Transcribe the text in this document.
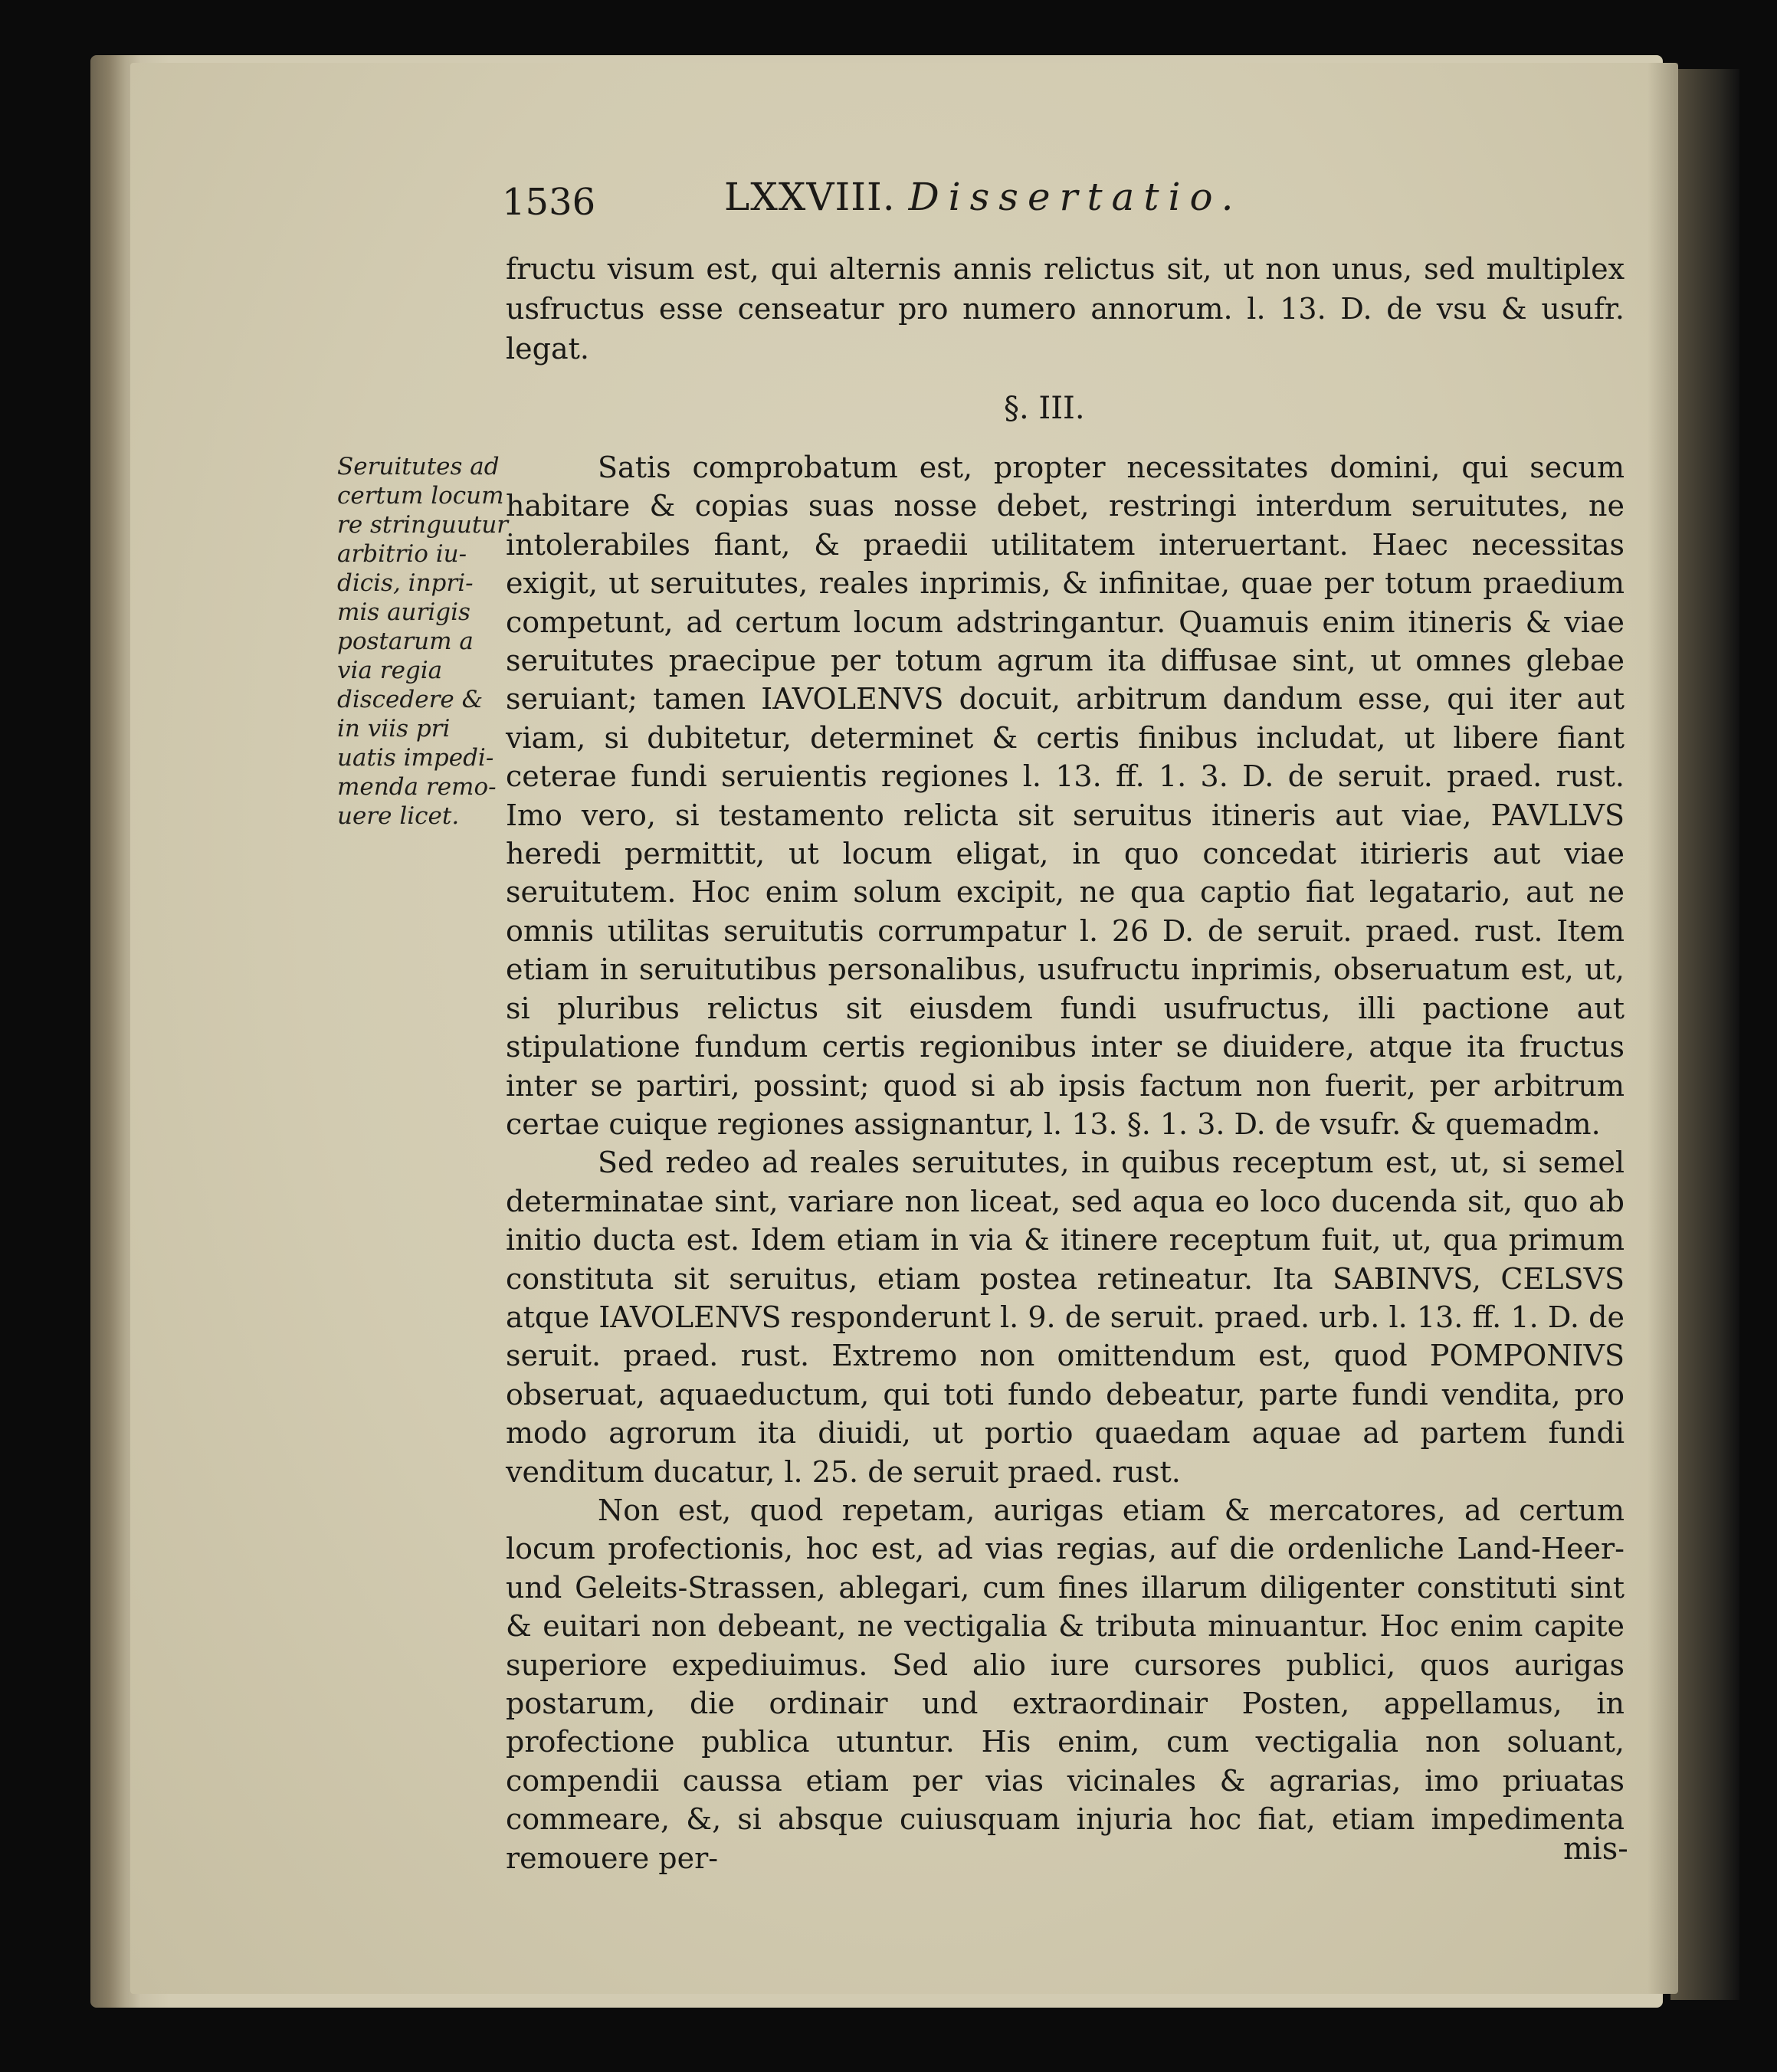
1536	LXXVIII. Dissertatio.
fructu visum est, qui alternis annis relictus sit, ut non unus, sed multiplex usfructus esse censeatur pro numero annorum. l. 13. D. de vsu & usufr. legat.
§. III.
Seruitutes ad certum locum re stringuutur arbitrio iu-dicis, inpri-mis aurigis postarum a via regia discedere & in viis pri uatis impedi-menda remo-uere licet.

Satis comprobatum est, propter necessitates domini, qui secum habitare & copias suas nosse debet, restringi interdum seruitutes, ne intolerabiles fiant, & praedii utilitatem interuertant. Haec necessitas exigit, ut seruitutes, reales inprimis, & infinitae, quae per totum praedium competunt, ad certum locum adstringantur. Quamuis enim itineris & viae seruitutes praecipue per totum agrum ita diffusae sint, ut omnes glebae seruiant; tamen IAVOLENVS docuit, arbitrum dandum esse, qui iter aut viam, si dubitetur, determinet & certis finibus includat, ut libere fiant ceterae fundi seruientis regiones l. 13. ff. 1. 3. D. de seruit. praed. rust. Imo vero, si testamento relicta sit seruitus itineris aut viae, PAVLLVS heredi permittit, ut locum eligat, in quo concedat itirieris aut viae seruitutem. Hoc enim solum excipit, ne qua captio fiat legatario, aut ne omnis utilitas seruitutis corrumpatur l. 26 D. de seruit. praed. rust. Item etiam in seruitutibus personalibus, usufructu inprimis, obseruatum est, ut, si pluribus relictus sit eiusdem fundi usufructus, illi pactione aut stipulatione fundum certis regionibus inter se diuidere, atque ita fructus inter se partiri, possint; quod si ab ipsis factum non fuerit, per arbitrum certae cuique regiones assignantur, l. 13. §. 1. 3. D. de vsufr. & quemadm.

Sed redeo ad reales seruitutes, in quibus receptum est, ut, si semel determinatae sint, variare non liceat, sed aqua eo loco ducenda sit, quo ab initio ducta est. Idem etiam in via & itinere receptum fuit, ut, qua primum constituta sit seruitus, etiam postea retineatur. Ita SABINVS, CELSVS atque IAVOLENVS responderunt l. 9. de seruit. praed. urb. l. 13. ff. 1. D. de seruit. praed. rust. Extremo non omittendum est, quod POMPONIVS obseruat, aquaeductum, qui toti fundo debeatur, parte fundi vendita, pro modo agrorum ita diuidi, ut portio quaedam aquae ad partem fundi venditum ducatur, l. 25. de seruit praed. rust.

Non est, quod repetam, aurigas etiam & mercatores, ad certum locum profectionis, hoc est, ad vias regias, auf die ordenliche Land-Heer-und Geleits-Strassen, ablegari, cum fines illarum diligenter constituti sint & euitari non debeant, ne vectigalia & tributa minuantur. Hoc enim capite superiore expediuimus. Sed alio iure cursores publici, quos aurigas postarum, die ordinair und extraordinair Posten, appellamus, in profectione publica utuntur. His enim, cum vectigalia non soluant, compendii caussa etiam per vias vicinales & agrarias, imo priuatas commeare, &, si absque cuiusquam injuria hoc fiat, etiam impedimenta remouere per-	mis-
